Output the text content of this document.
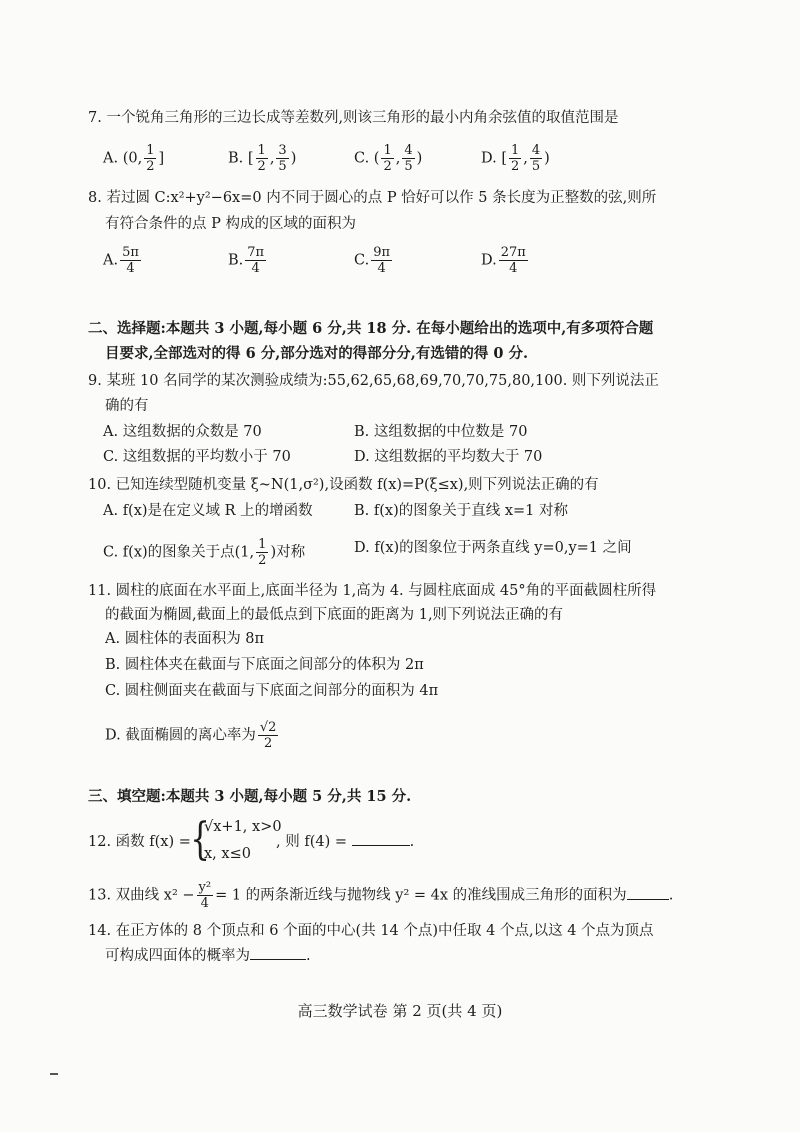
7. 一个锐角三角形的三边长成等差数列,则该三角形的最小内角余弦值的取值范围是
A. (0, $\frac{1}{2}$ ]	B. [ $\frac{1}{2}$ , $\frac{3}{5}$ )	C. ( $\frac{1}{2}$ , $\frac{4}{5}$ )	D. [ $\frac{1}{2}$ , $\frac{4}{5}$ )
8. 若过圆 C:x²+y²−6x=0 内不同于圆心的点 P 恰好可以作 5 条长度为正整数的弦,则所
有符合条件的点 P 构成的区域的面积为
A. $\frac{5\pi}{4}$	B. $\frac{7\pi}{4}$	C. $\frac{9\pi}{4}$	D. $\frac{27\pi}{4}$
二、选择题:本题共 3 小题,每小题 6 分,共 18 分. 在每小题给出的选项中,有多项符合题
目要求,全部选对的得 6 分,部分选对的得部分分,有选错的得 0 分.
9. 某班 10 名同学的某次测验成绩为:55,62,65,68,69,70,70,75,80,100. 则下列说法正
确的有
A. 这组数据的众数是 70	B. 这组数据的中位数是 70
C. 这组数据的平均数小于 70	D. 这组数据的平均数大于 70
10. 已知连续型随机变量 ξ~N(1,σ²),设函数 f(x)=P(ξ≤x),则下列说法正确的有
A. f(x)是在定义域 R 上的增函数	B. f(x)的图象关于直线 x=1 对称
C. f(x)的图象关于点(1, $\frac{1}{2}$ )对称	D. f(x)的图象位于两条直线 y=0,y=1 之间
11. 圆柱的底面在水平面上,底面半径为 1,高为 4. 与圆柱底面成 45°角的平面截圆柱所得
的截面为椭圆,截面上的最低点到下底面的距离为 1,则下列说法正确的有
A. 圆柱体的表面积为 8π
B. 圆柱体夹在截面与下底面之间部分的体积为 2π
C. 圆柱侧面夹在截面与下底面之间部分的面积为 4π
D. 截面椭圆的离心率为 $\frac{√2}{2}$
三、填空题:本题共 3 小题,每小题 5 分,共 15 分.
12. 函数 f(x) = {
√x+1, x>0
x, x≤0
, 则 f(4) =	.
13. 双曲线 $x^2 - \frac{\text{y²}}{4} = 1$ 的两条渐近线与抛物线 y² = 4x 的准线围成三角形的面积为	.
14. 在正方体的 8 个顶点和 6 个面的中心(共 14 个点)中任取 4 个点,以这 4 个点为顶点
可构成四面体的概率为	.
高三数学试卷 第 2 页(共 4 页)
